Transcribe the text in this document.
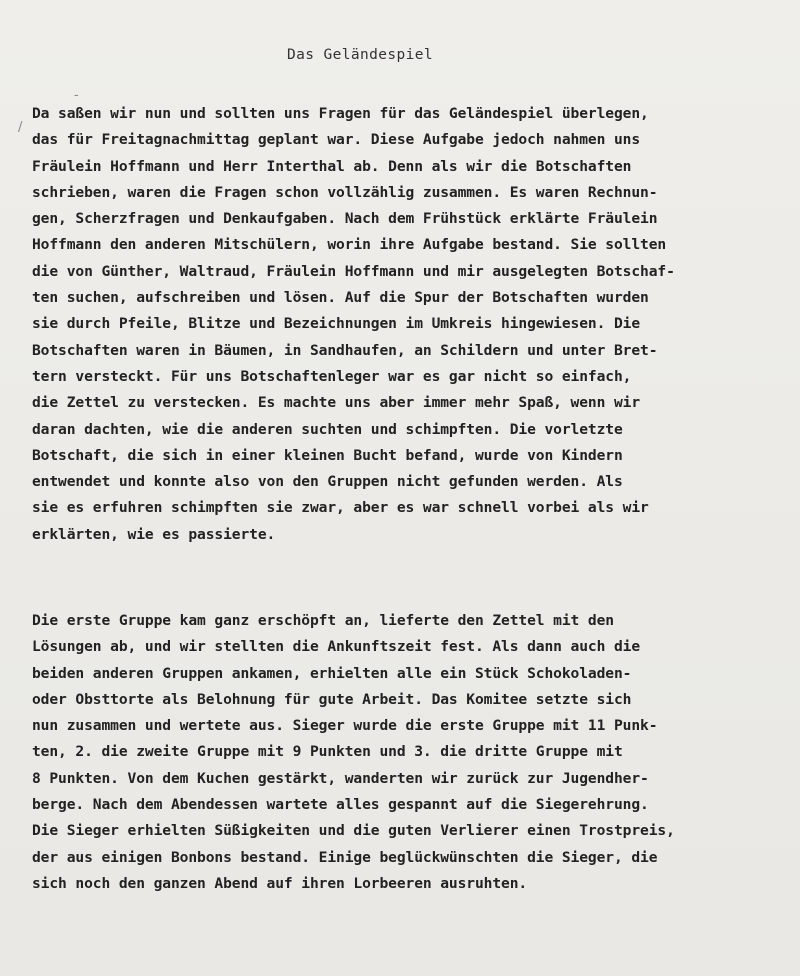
Das Geländespiel
-
/
Da saßen wir nun und sollten uns Fragen für das Geländespiel überlegen,
das für Freitagnachmittag geplant war. Diese Aufgabe jedoch nahmen uns
Fräulein Hoffmann und Herr Interthal ab. Denn als wir die Botschaften
schrieben, waren die Fragen schon vollzählig zusammen. Es waren Rechnun-
gen, Scherzfragen und Denkaufgaben. Nach dem Frühstück erklärte Fräulein
Hoffmann den anderen Mitschülern, worin ihre Aufgabe bestand. Sie sollten
die von Günther, Waltraud, Fräulein Hoffmann und mir ausgelegten Botschaf-
ten suchen, aufschreiben und lösen. Auf die Spur der Botschaften wurden
sie durch Pfeile, Blitze und Bezeichnungen im Umkreis hingewiesen. Die
Botschaften waren in Bäumen, in Sandhaufen, an Schildern und unter Bret-
tern versteckt. Für uns Botschaftenleger war es gar nicht so einfach,
die Zettel zu verstecken. Es machte uns aber immer mehr Spaß, wenn wir
daran dachten, wie die anderen suchten und schimpften. Die vorletzte
Botschaft, die sich in einer kleinen Bucht befand, wurde von Kindern
entwendet und konnte also von den Gruppen nicht gefunden werden. Als
sie es erfuhren schimpften sie zwar, aber es war schnell vorbei als wir
erklärten, wie es passierte.
Die erste Gruppe kam ganz erschöpft an, lieferte den Zettel mit den
Lösungen ab, und wir stellten die Ankunftszeit fest. Als dann auch die
beiden anderen Gruppen ankamen, erhielten alle ein Stück Schokoladen-
oder Obsttorte als Belohnung für gute Arbeit. Das Komitee setzte sich
nun zusammen und wertete aus. Sieger wurde die erste Gruppe mit 11 Punk-
ten, 2. die zweite Gruppe mit 9 Punkten und 3. die dritte Gruppe mit
8 Punkten. Von dem Kuchen gestärkt, wanderten wir zurück zur Jugendher-
berge. Nach dem Abendessen wartete alles gespannt auf die Siegerehrung.
Die Sieger erhielten Süßigkeiten und die guten Verlierer einen Trostpreis,
der aus einigen Bonbons bestand. Einige beglückwünschten die Sieger, die
sich noch den ganzen Abend auf ihren Lorbeeren ausruhten.
